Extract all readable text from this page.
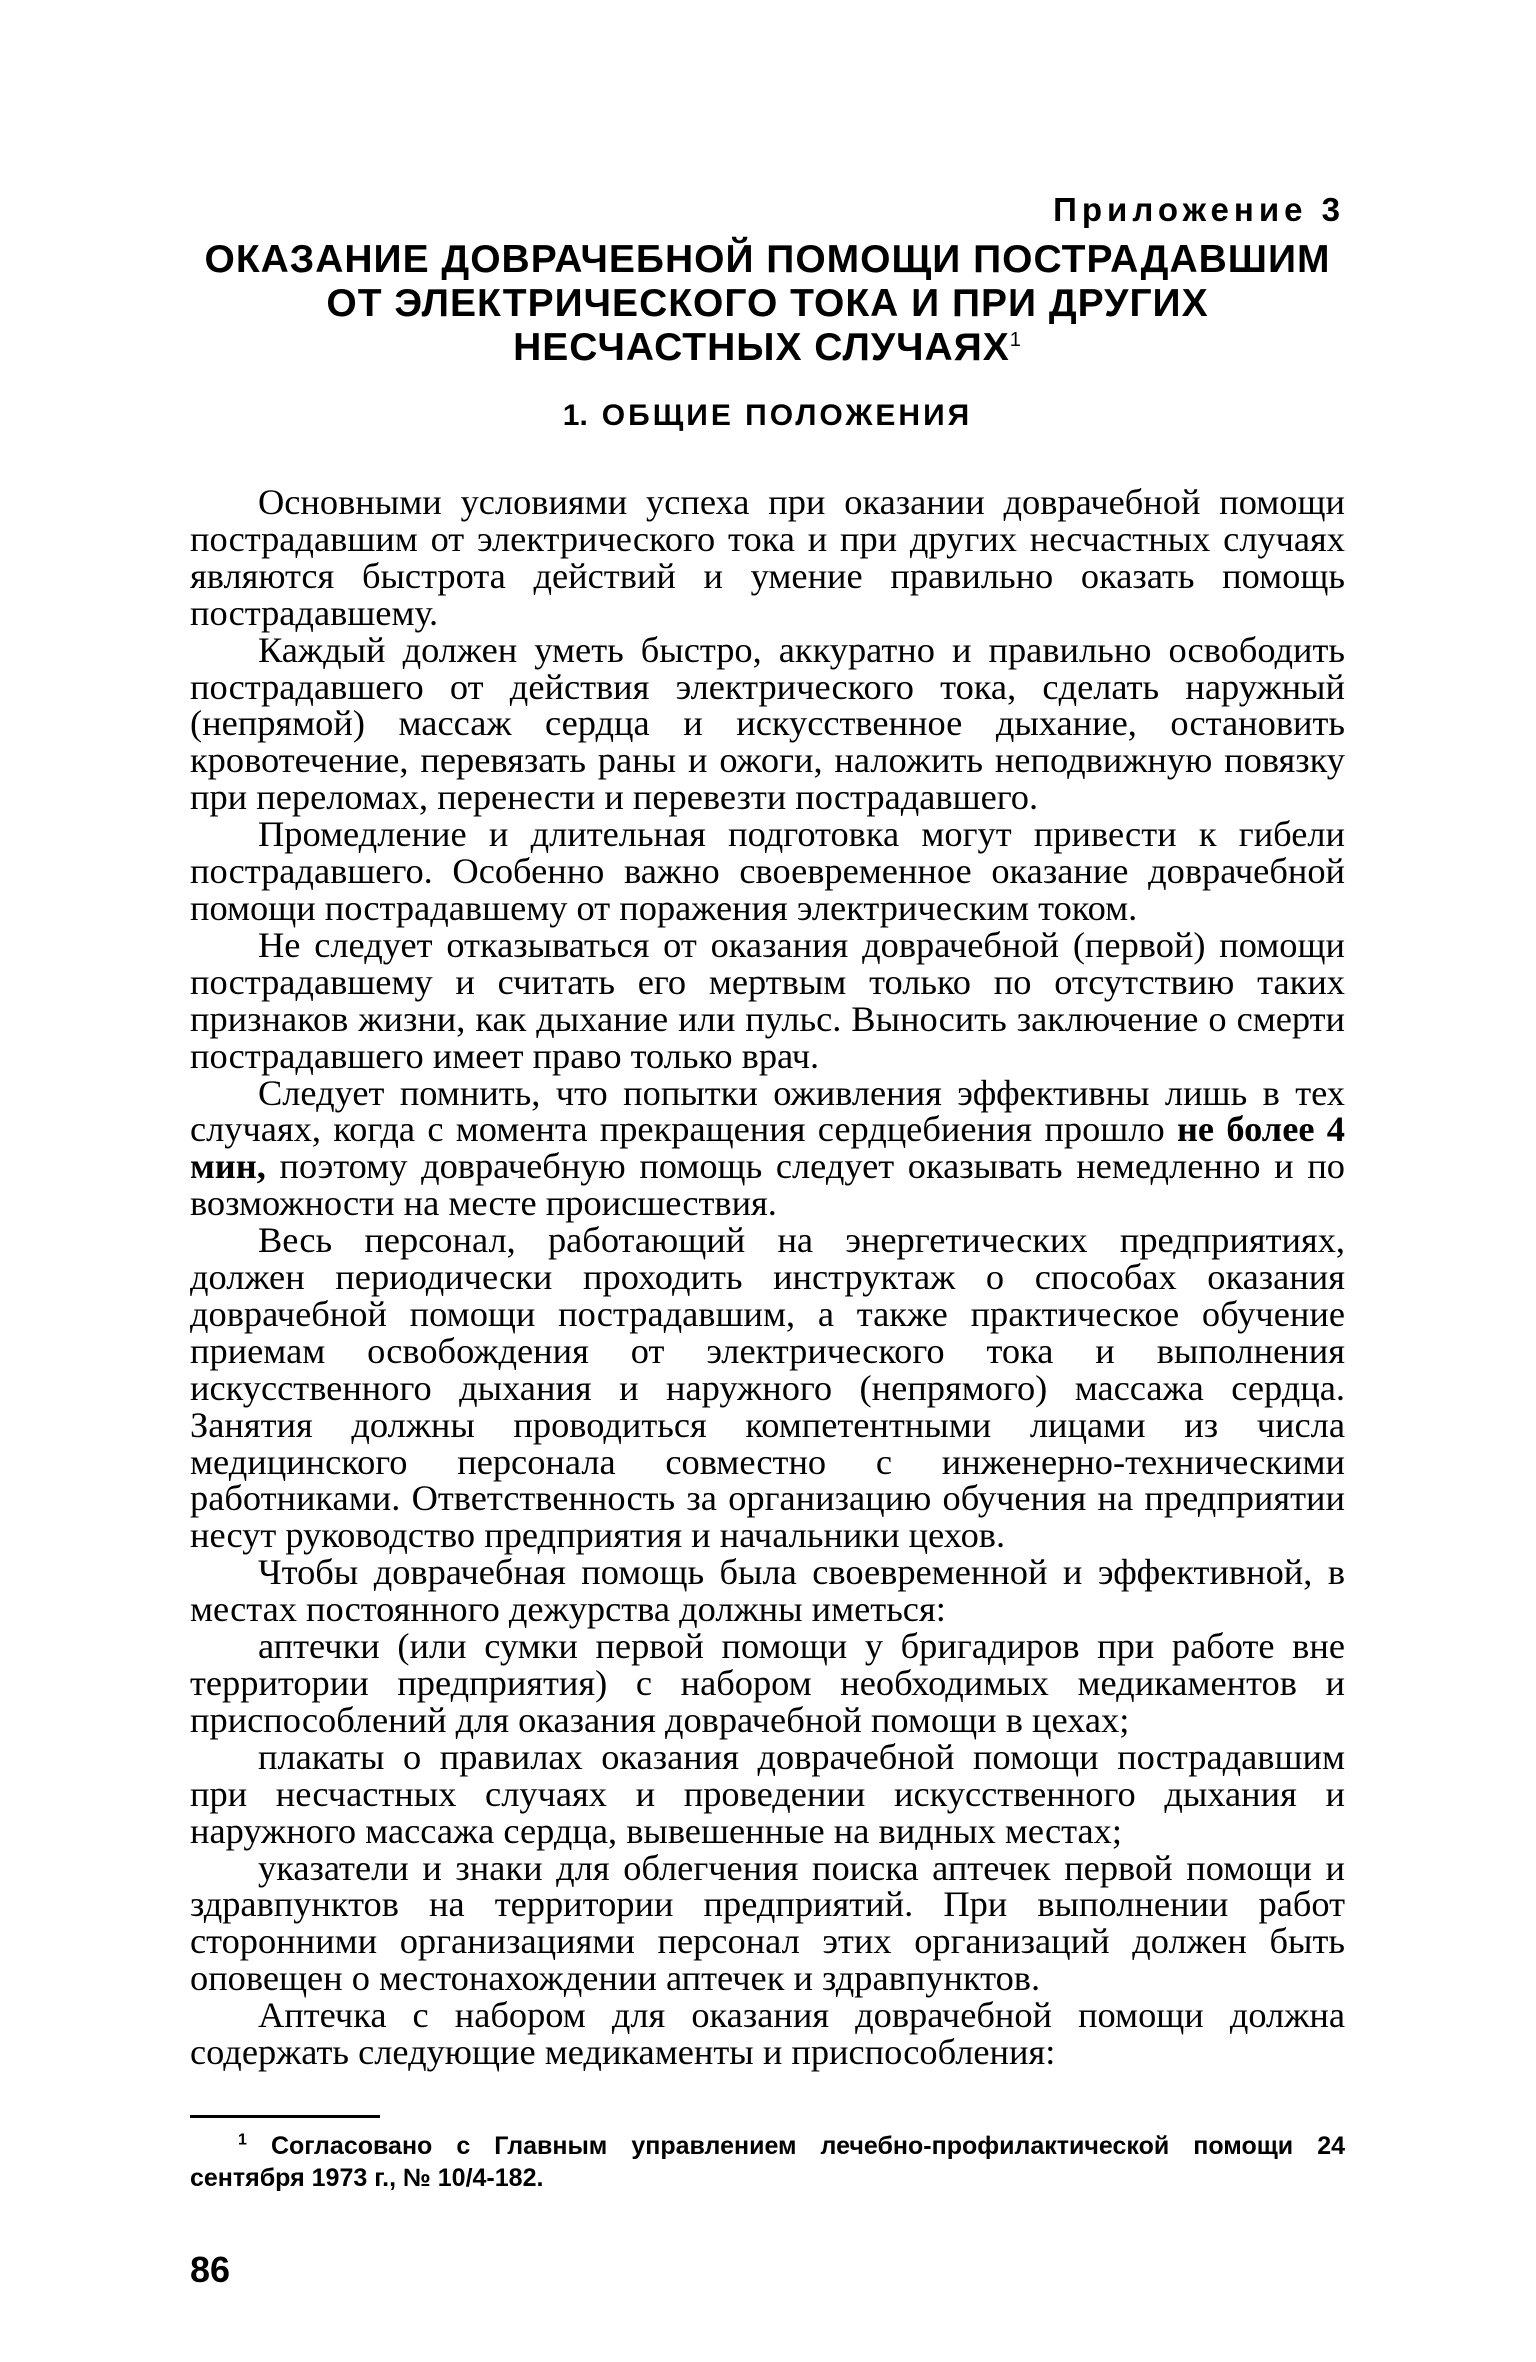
Приложение 3
ОКАЗАНИЕ ДОВРАЧЕБНОЙ ПОМОЩИ ПОСТРАДАВШИМ
ОТ ЭЛЕКТРИЧЕСКОГО ТОКА И ПРИ ДРУГИХ
НЕСЧАСТНЫХ СЛУЧАЯХ$^1$
1. ОБЩИЕ ПОЛОЖЕНИЯ

Основными условиями успеха при оказании доврачебной помощи пострадавшим от электрического тока и при других несчастных случаях являются быстрота действий и умение правильно оказать помощь пострадавшему.

Каждый должен уметь быстро, аккуратно и правильно освободить пострадавшего от действия электрического тока, сделать наружный (непрямой) массаж сердца и искусственное дыхание, остановить кровотечение, перевязать раны и ожоги, наложить неподвижную повязку при переломах, перенести и перевезти пострадавшего.

Промедление и длительная подготовка могут привести к гибели пострадавшего. Особенно важно своевременное оказание доврачебной помощи пострадавшему от поражения электрическим током.

Не следует отказываться от оказания доврачебной (первой) помощи пострадавшему и считать его мертвым только по отсутствию таких признаков жизни, как дыхание или пульс. Выносить заключение о смерти пострадавшего имеет право только врач.

Следует помнить, что попытки оживления эффективны лишь в тех случаях, когда с момента прекращения сердцебиения прошло не более 4 мин, поэтому доврачебную помощь следует оказывать немедленно и по возможности на месте происшествия.

Весь персонал, работающий на энергетических предприятиях, должен периодически проходить инструктаж о способах оказания доврачебной помощи пострадавшим, а также практическое обучение приемам освобождения от электрического тока и выполнения искусственного дыхания и наружного (непрямого) массажа сердца. Занятия должны проводиться компетентными лицами из числа медицинского персонала совместно с инженерно-техническими работниками. Ответственность за организацию обучения на предприятии несут руководство предприятия и начальники цехов.

Чтобы доврачебная помощь была своевременной и эффективной, в местах постоянного дежурства должны иметься:

аптечки (или сумки первой помощи у бригадиров при работе вне территории предприятия) с набором необходимых медикаментов и приспособлений для оказания доврачебной помощи в цехах;

плакаты о правилах оказания доврачебной помощи пострадавшим при несчастных случаях и проведении искусственного дыхания и наружного массажа сердца, вывешенные на видных местах;

указатели и знаки для облегчения поиска аптечек первой помощи и здравпунктов на территории предприятий. При выполнении работ сторонними организациями персонал этих организаций должен быть оповещен о местонахождении аптечек и здравпунктов.

Аптечка с набором для оказания доврачебной помощи должна содержать следующие медикаменты и приспособления:

$^1$ Согласовано с Главным управлением лечебно-профилактической помощи 24 сентября 1973 г., № 10/4-182.

86
